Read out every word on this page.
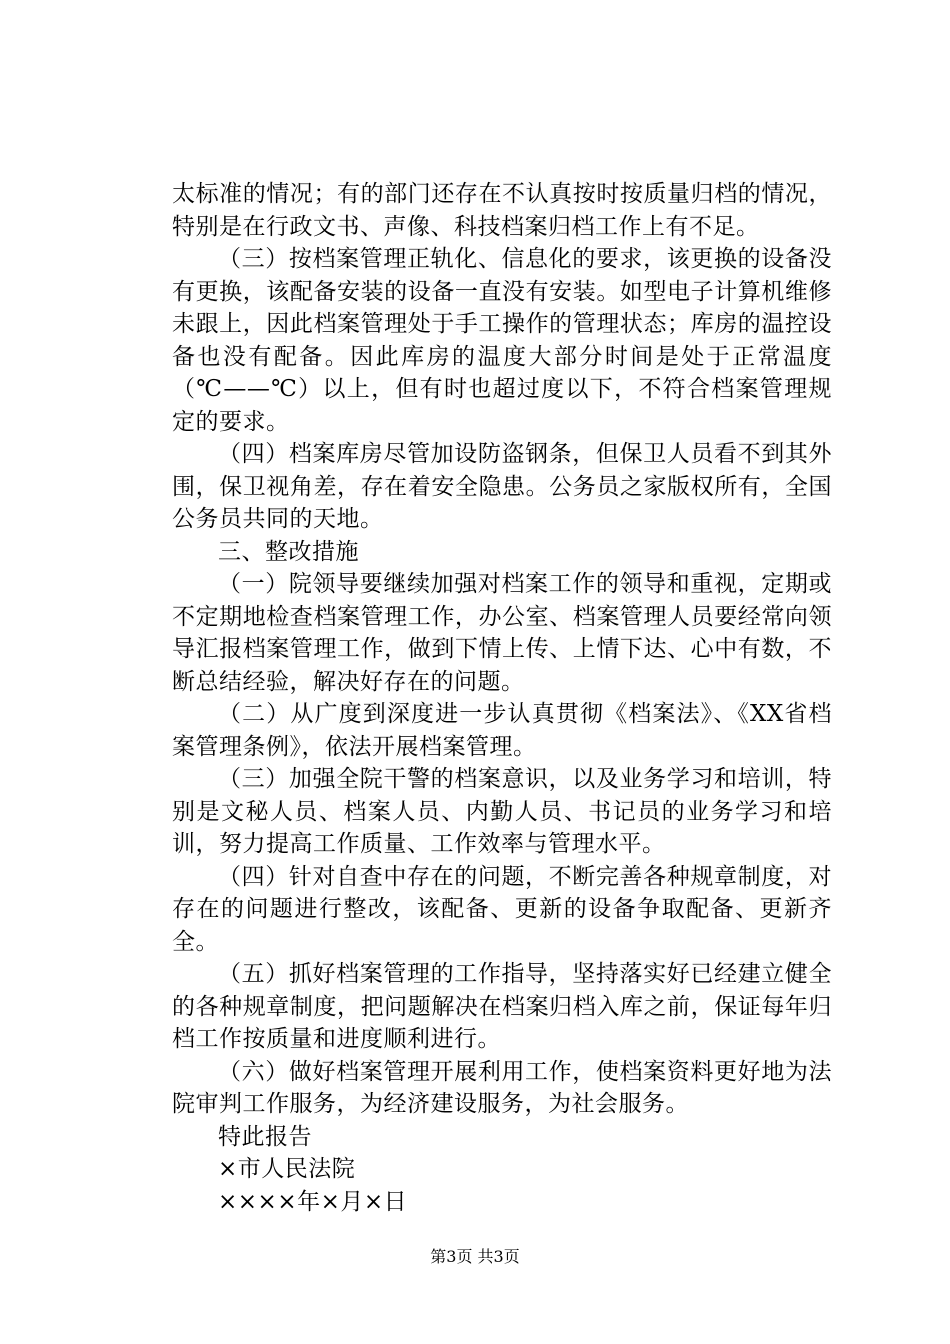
太标准的情况；有的部门还存在不认真按时按质量归档的情况，特别是在行政文书、声像、科技档案归档工作上有不足。

（三）按档案管理正轨化、信息化的要求，该更换的设备没有更换，该配备安装的设备一直没有安装。如型电子计算机维修未跟上，因此档案管理处于手工操作的管理状态；库房的温控设备也没有配备。因此库房的温度大部分时间是处于正常温度（℃——℃）以上，但有时也超过度以下，不符合档案管理规定的要求。

（四）档案库房尽管加设防盗钢条，但保卫人员看不到其外围，保卫视角差，存在着安全隐患。公务员之家版权所有，全国公务员共同的天地。

三、整改措施

（一）院领导要继续加强对档案工作的领导和重视，定期或不定期地检查档案管理工作，办公室、档案管理人员要经常向领导汇报档案管理工作，做到下情上传、上情下达、心中有数，不断总结经验，解决好存在的问题。

（二）从广度到深度进一步认真贯彻《档案法》、《XX省档案管理条例》，依法开展档案管理。

（三）加强全院干警的档案意识，以及业务学习和培训，特别是文秘人员、档案人员、内勤人员、书记员的业务学习和培训，努力提高工作质量、工作效率与管理水平。

（四）针对自查中存在的问题，不断完善各种规章制度，对存在的问题进行整改，该配备、更新的设备争取配备、更新齐全。

（五）抓好档案管理的工作指导，坚持落实好已经建立健全的各种规章制度，把问题解决在档案归档入库之前，保证每年归档工作按质量和进度顺利进行。

（六）做好档案管理开展利用工作，使档案资料更好地为法院审判工作服务，为经济建设服务，为社会服务。

特此报告

×市人民法院

××××年×月×日

第3页 共3页
